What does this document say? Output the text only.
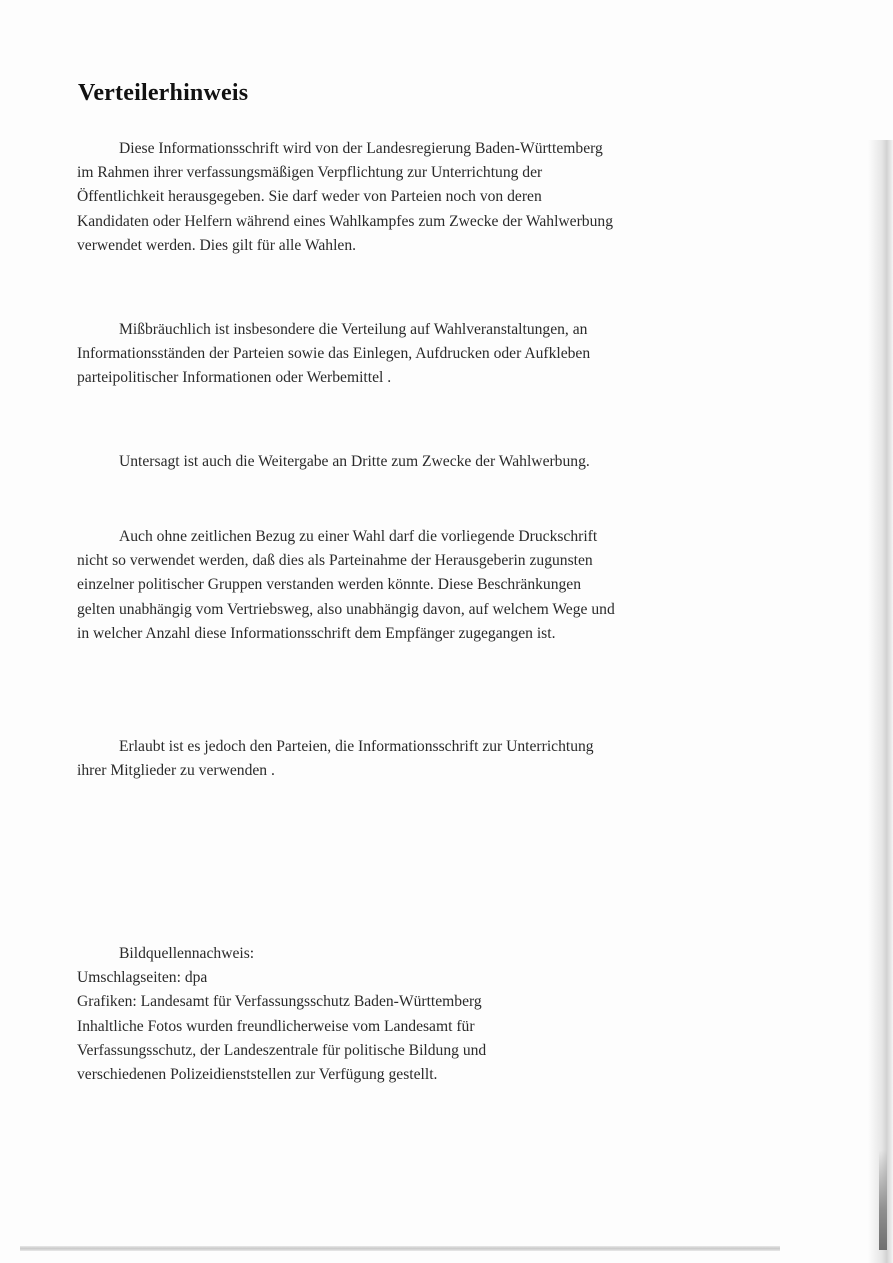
Verteilerhinweis

Diese Informationsschrift wird von der Landesregierung Baden-Württemberg im Rahmen ihrer verfassungsmäßigen Verpflichtung zur Unterrichtung der Öffentlichkeit herausgegeben. Sie darf weder von Parteien noch von deren Kandidaten oder Helfern während eines Wahlkampfes zum Zwecke der Wahlwerbung verwendet werden. Dies gilt für alle Wahlen.

Mißbräuchlich ist insbesondere die Verteilung auf Wahlveranstaltungen, an Informationsständen der Parteien sowie das Einlegen, Aufdrucken oder Aufkleben parteipolitischer Informationen oder Werbemittel .

Untersagt ist auch die Weitergabe an Dritte zum Zwecke der Wahlwerbung.

Auch ohne zeitlichen Bezug zu einer Wahl darf die vorliegende Druckschrift nicht so verwendet werden, daß dies als Parteinahme der Herausgeberin zugunsten einzelner politischer Gruppen verstanden werden könnte. Diese Beschränkungen gelten unabhängig vom Vertriebsweg, also unabhängig davon, auf welchem Wege und in welcher Anzahl diese Informationsschrift dem Empfänger zugegangen ist.

Erlaubt ist es jedoch den Parteien, die Informationsschrift zur Unterrichtung ihrer Mitglieder zu verwenden .

Bildquellennachweis:
Umschlagseiten: dpa
Grafiken: Landesamt für Verfassungsschutz Baden-Württemberg
Inhaltliche Fotos wurden freundlicherweise vom Landesamt für
Verfassungsschutz, der Landeszentrale für politische Bildung und
verschiedenen Polizeidienststellen zur Verfügung gestellt.
